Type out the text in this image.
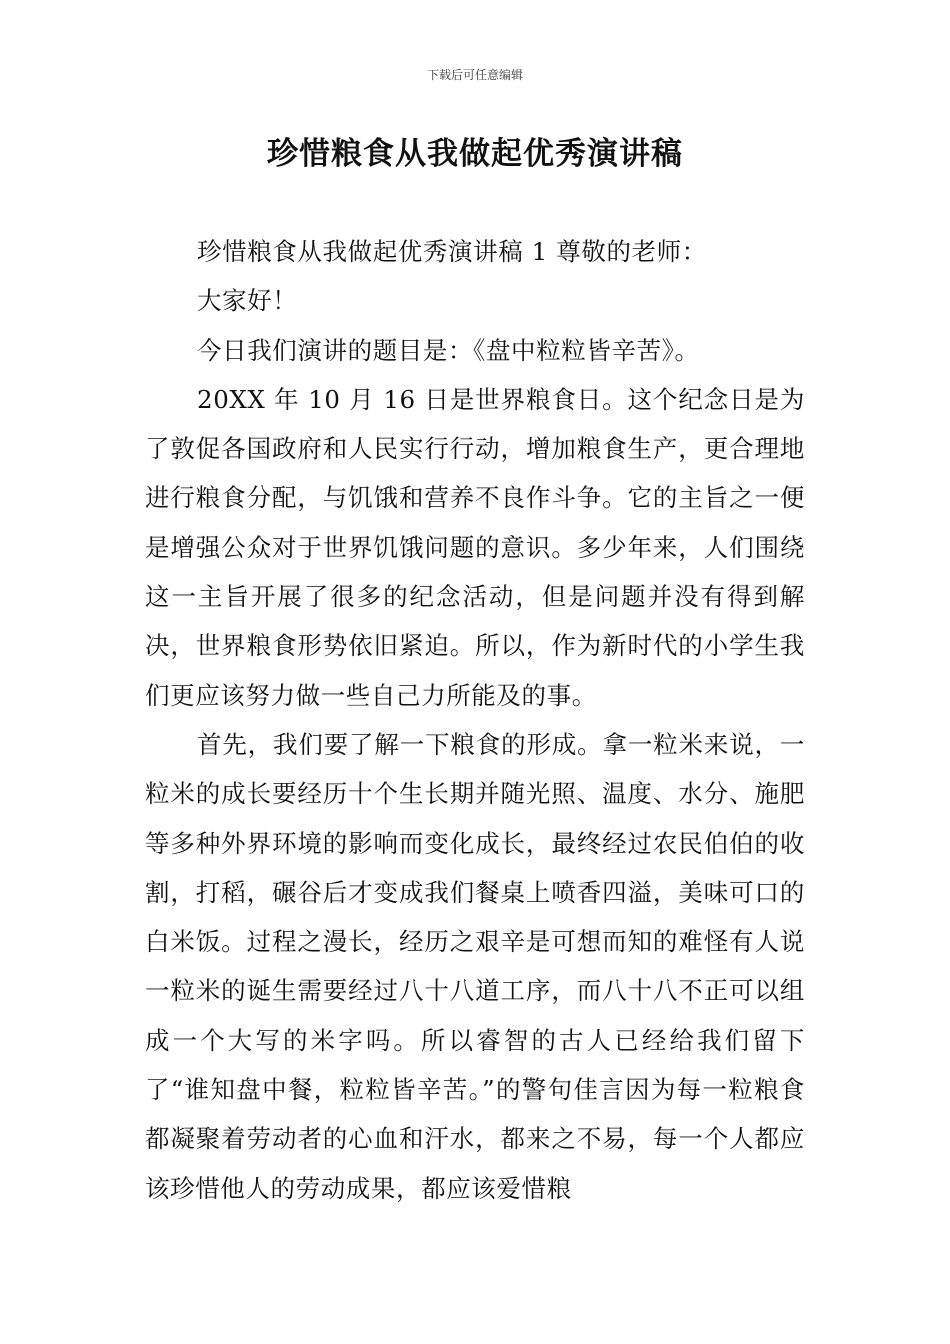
下载后可任意编辑
珍惜粮食从我做起优秀演讲稿

珍惜粮食从我做起优秀演讲稿 1 尊敬的老师：

大家好！

今日我们演讲的题目是：《盘中粒粒皆辛苦》。

20XX 年 10 月 16 日是世界粮食日。这个纪念日是为了敦促各国政府和人民实行行动，增加粮食生产，更合理地进行粮食分配，与饥饿和营养不良作斗争。它的主旨之一便是增强公众对于世界饥饿问题的意识。多少年来，人们围绕这一主旨开展了很多的纪念活动，但是问题并没有得到解决，世界粮食形势依旧紧迫。所以，作为新时代的小学生我们更应该努力做一些自己力所能及的事。

首先，我们要了解一下粮食的形成。拿一粒米来说，一粒米的成长要经历十个生长期并随光照、温度、水分、施肥等多种外界环境的影响而变化成长，最终经过农民伯伯的收割，打稻，碾谷后才变成我们餐桌上喷香四溢，美味可口的白米饭。过程之漫长，经历之艰辛是可想而知的难怪有人说一粒米的诞生需要经过八十八道工序，而八十八不正可以组成一个大写的米字吗。所以睿智的古人已经给我们留下了“谁知盘中餐，粒粒皆辛苦。”的警句佳言因为每一粒粮食都凝聚着劳动者的心血和汗水，都来之不易，每一个人都应该珍惜他人的劳动成果，都应该爱惜粮
